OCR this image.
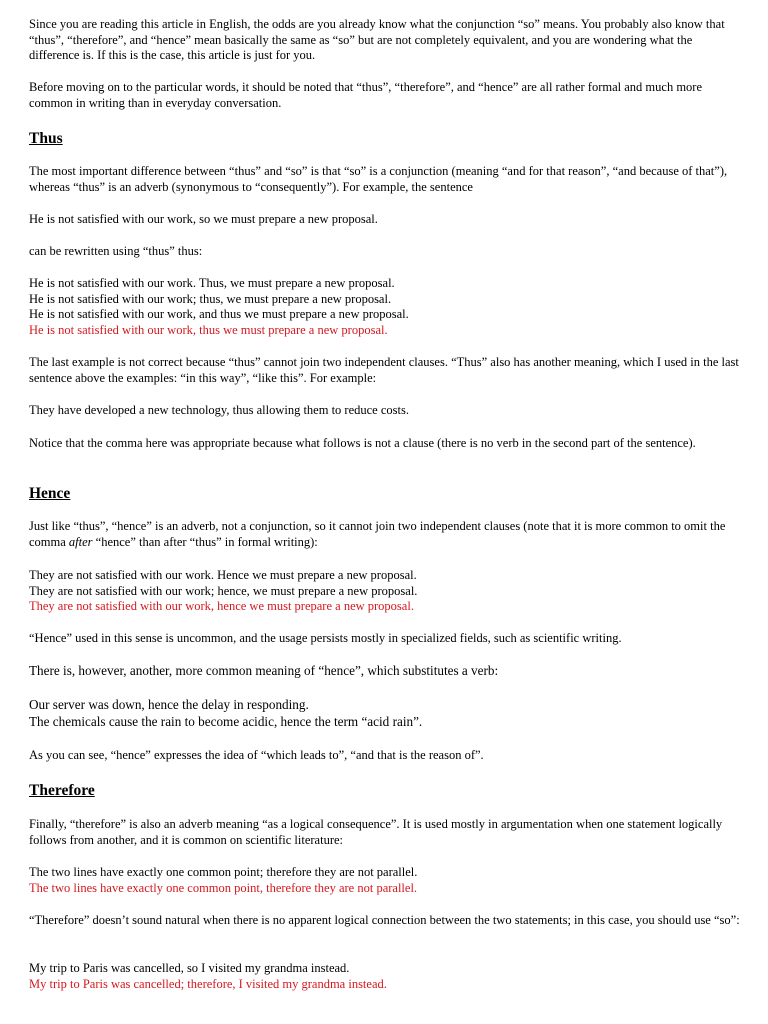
Since you are reading this article in English, the odds are you already know what the conjunction “so” means. You probably also know that “thus”, “therefore”, and “hence” mean basically the same as “so” but are not completely equivalent, and you are wondering what the difference is. If this is the case, this article is just for you.

Before moving on to the particular words, it should be noted that “thus”, “therefore”, and “hence” are all rather formal and much more common in writing than in everyday conversation.

Thus

The most important difference between “thus” and “so” is that “so” is a conjunction (meaning “and for that reason”, “and because of that”), whereas “thus” is an adverb (synonymous to “consequently”). For example, the sentence

He is not satisfied with our work, so we must prepare a new proposal.

can be rewritten using “thus” thus:

He is not satisfied with our work. Thus, we must prepare a new proposal.

He is not satisfied with our work; thus, we must prepare a new proposal.

He is not satisfied with our work, and thus we must prepare a new proposal.

He is not satisfied with our work, thus we must prepare a new proposal.

The last example is not correct because “thus” cannot join two independent clauses. “Thus” also has another meaning, which I used in the last sentence above the examples: “in this way”, “like this”. For example:

They have developed a new technology, thus allowing them to reduce costs.

Notice that the comma here was appropriate because what follows is not a clause (there is no verb in the second part of the sentence).

Hence

Just like “thus”, “hence” is an adverb, not a conjunction, so it cannot join two independent clauses (note that it is more common to omit the comma after “hence” than after “thus” in formal writing):

They are not satisfied with our work. Hence we must prepare a new proposal.

They are not satisfied with our work; hence, we must prepare a new proposal.

They are not satisfied with our work, hence we must prepare a new proposal.

“Hence” used in this sense is uncommon, and the usage persists mostly in specialized fields, such as scientific writing.

There is, however, another, more common meaning of “hence”, which substitutes a verb:

Our server was down, hence the delay in responding.

The chemicals cause the rain to become acidic, hence the term “acid rain”.

As you can see, “hence” expresses the idea of “which leads to”, “and that is the reason of”.

Therefore

Finally, “therefore” is also an adverb meaning “as a logical consequence”. It is used mostly in argumentation when one statement logically follows from another, and it is common on scientific literature:

The two lines have exactly one common point; therefore they are not parallel.

The two lines have exactly one common point, therefore they are not parallel.

“Therefore” doesn’t sound natural when there is no apparent logical connection between the two statements; in this case, you should use “so”:

My trip to Paris was cancelled, so I visited my grandma instead.

My trip to Paris was cancelled; therefore, I visited my grandma instead.
